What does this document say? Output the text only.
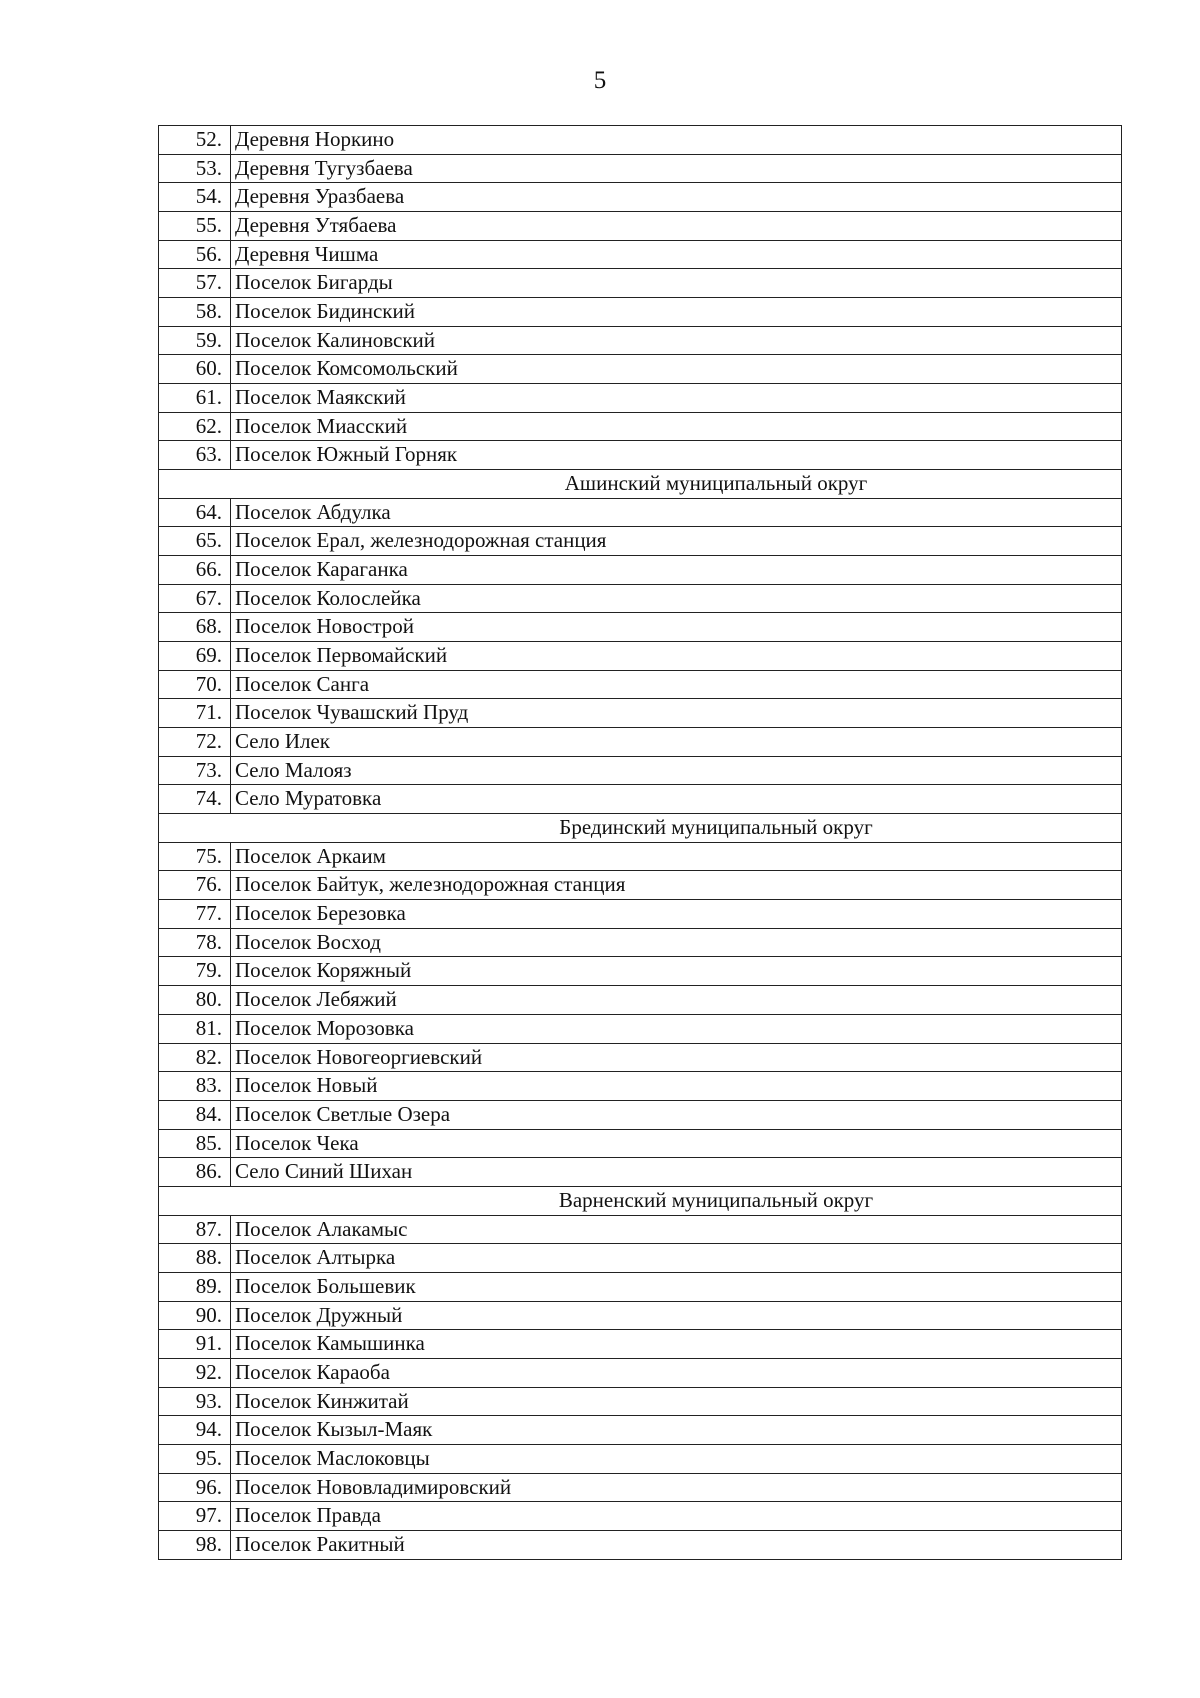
5
52. Деревня Норкино
53. Деревня Тугузбаева
54. Деревня Уразбаева
55. Деревня Утябаева
56. Деревня Чишма
57. Поселок Бигарды
58. Поселок Бидинский
59. Поселок Калиновский
60. Поселок Комсомольский
61. Поселок Маякский
62. Поселок Миасский
63. Поселок Южный Горняк
Ашинский муниципальный округ
64. Поселок Абдулка
65. Поселок Ерал, железнодорожная станция
66. Поселок Караганка
67. Поселок Колослейка
68. Поселок Новострой
69. Поселок Первомайский
70. Поселок Санга
71. Поселок Чувашский Пруд
72. Село Илек
73. Село Малояз
74. Село Муратовка
Брединский муниципальный округ
75. Поселок Аркаим
76. Поселок Байтук, железнодорожная станция
77. Поселок Березовка
78. Поселок Восход
79. Поселок Коряжный
80. Поселок Лебяжий
81. Поселок Морозовка
82. Поселок Новогеоргиевский
83. Поселок Новый
84. Поселок Светлые Озера
85. Поселок Чека
86. Село Синий Шихан
Варненский муниципальный округ
87. Поселок Алакамыс
88. Поселок Алтырка
89. Поселок Большевик
90. Поселок Дружный
91. Поселок Камышинка
92. Поселок Караоба
93. Поселок Кинжитай
94. Поселок Кызыл-Маяк
95. Поселок Маслоковцы
96. Поселок Нововладимировский
97. Поселок Правда
98. Поселок Ракитный
